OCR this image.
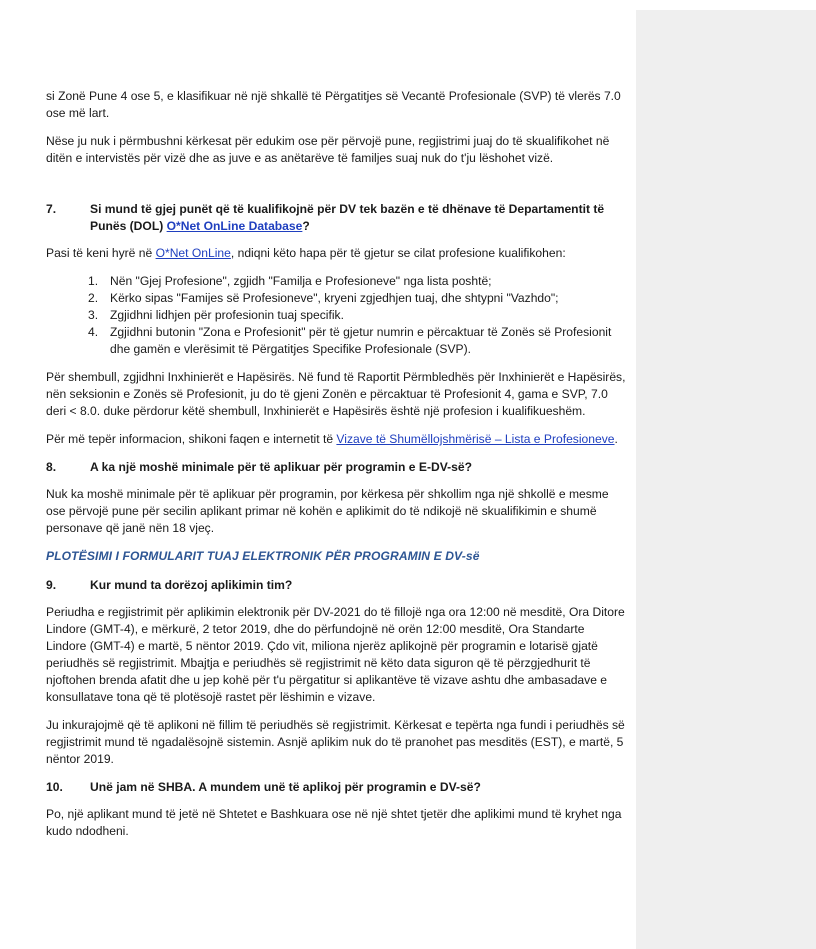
si Zonë Pune 4 ose 5, e klasifikuar në një shkallë të Përgatitjes së Vecantë Profesionale (SVP) të vlerës 7.0 ose më lart.

Nëse ju nuk i përmbushni kërkesat për edukim ose për përvojë pune, regjistrimi juaj do të skualifikohet në ditën e intervistës për vizë dhe as juve e as anëtarëve të familjes suaj nuk do t'ju lëshohet vizë.

7.	Si mund të gjej punët që të kualifikojnë për DV tek bazën e të dhënave të Departamentit të Punës (DOL) O*Net OnLine Database?

Pasi të keni hyrë në O*Net OnLine, ndiqni këto hapa për të gjetur se cilat profesione kualifikohen:

1. Nën "Gjej Profesione", zgjidh "Familja e Profesioneve" nga lista poshtë;
2. Kërko sipas "Famijes së Profesioneve", kryeni zgjedhjen tuaj, dhe shtypni "Vazhdo";
3. Zgjidhni lidhjen për profesionin tuaj specifik.
4. Zgjidhni butonin "Zona e Profesionit" për të gjetur numrin e përcaktuar të Zonës së Profesionit dhe gamën e vlerësimit të Përgatitjes Specifike Profesionale (SVP).

Për shembull, zgjidhni Inxhinierët e Hapësirës. Në fund të Raportit Përmbledhës për Inxhinierët e Hapësirës, nën seksionin e Zonës së Profesionit, ju do të gjeni Zonën e përcaktuar të Profesionit 4, gama e SVP, 7.0 deri < 8.0. duke përdorur këtë shembull, Inxhinierët e Hapësirës është një profesion i kualifikueshëm.

Për më tepër informacion, shikoni faqen e internetit të Vizave të Shumëllojshmërisë – Lista e Profesioneve.

8.	A ka një moshë minimale për të aplikuar për programin e E-DV-së?

Nuk ka moshë minimale për të aplikuar për programin, por kërkesa për shkollim nga një shkollë e mesme ose përvojë pune për secilin aplikant primar në kohën e aplikimit do të ndikojë në skualifikimin e shumë personave që janë nën 18 vjeç.

PLOTËSIMI I FORMULARIT TUAJ ELEKTRONIK PËR PROGRAMIN E DV-së
9.	Kur mund ta dorëzoj aplikimin tim?

Periudha e regjistrimit për aplikimin elektronik për DV-2021 do të fillojë nga ora 12:00 në mesditë, Ora Ditore Lindore (GMT-4), e mërkurë, 2 tetor 2019, dhe do përfundojnë në orën 12:00 mesditë, Ora Standarte Lindore (GMT-4) e martë, 5 nëntor 2019. Çdo vit, miliona njerëz aplikojnë për programin e lotarisë gjatë periudhës së regjistrimit. Mbajtja e periudhës së regjistrimit në këto data siguron që të përzgjedhurit të njoftohen brenda afatit dhe u jep kohë për t'u përgatitur si aplikantëve të vizave ashtu dhe ambasadave e konsullatave tona që të plotësojë rastet për lëshimin e vizave.

Ju inkurajojmë që të aplikoni në fillim të periudhës së regjistrimit. Kërkesat e tepërta nga fundi i periudhës së regjistrimit mund të ngadalësojnë sistemin. Asnjë aplikim nuk do të pranohet pas mesditës (EST), e martë, 5 nëntor 2019.

10.	Unë jam në SHBA. A mundem unë të aplikoj për programin e DV-së?

Po, një aplikant mund të jetë në Shtetet e Bashkuara ose në një shtet tjetër dhe aplikimi mund të kryhet nga kudo ndodheni.
